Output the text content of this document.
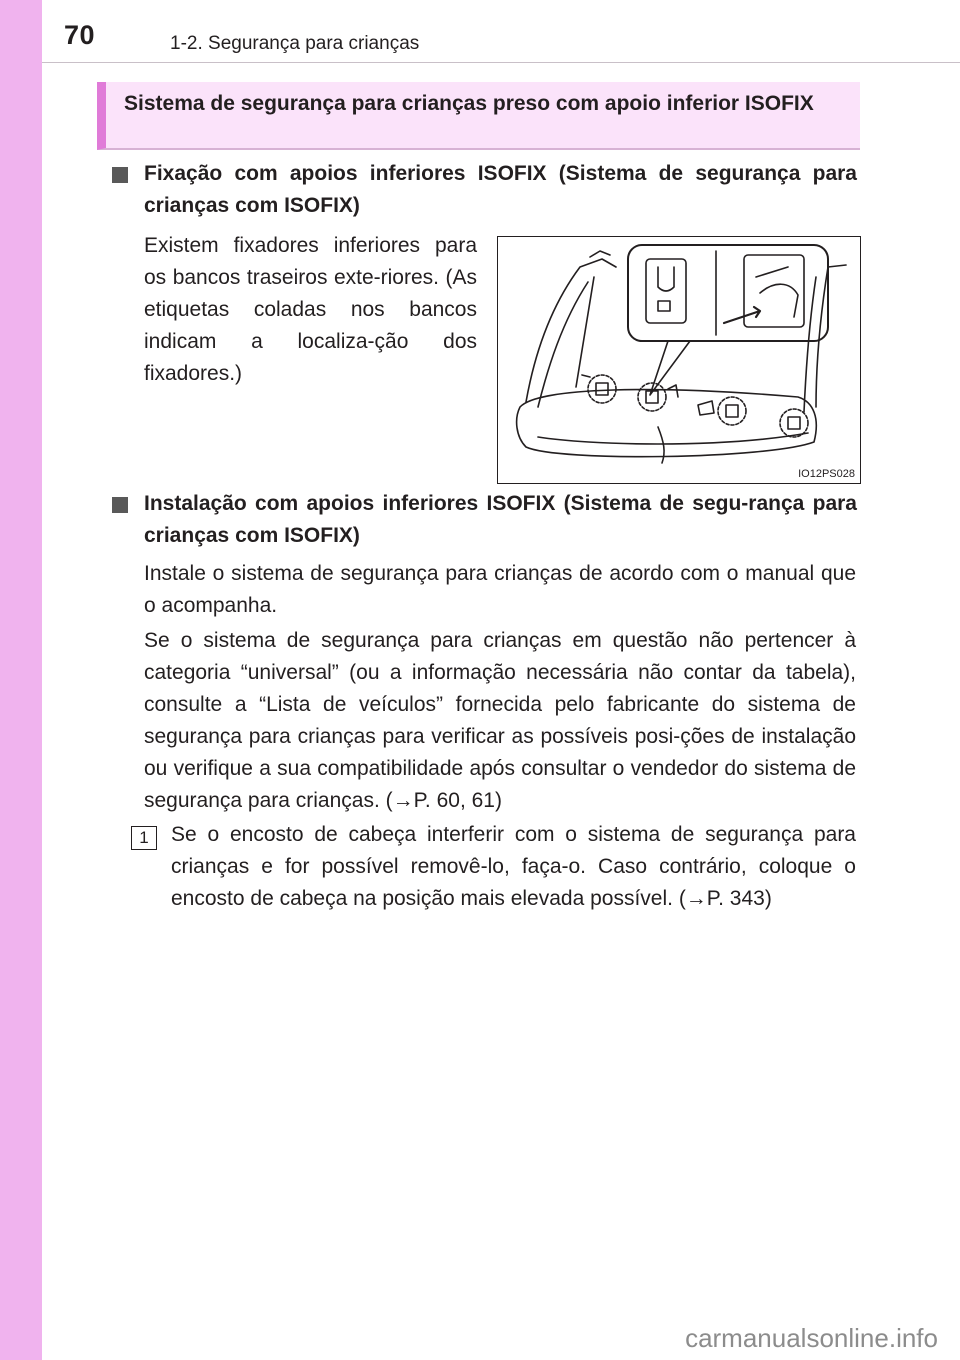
70	1-2. Segurança para crianças
Sistema de segurança para crianças preso com apoio inferior ISOFIX
Fixação com apoios inferiores ISOFIX (Sistema de segurança para crianças com ISOFIX)
Existem fixadores inferiores para os bancos traseiros exte-riores. (As etiquetas coladas nos bancos indicam a localiza-ção dos fixadores.)
IO12PS028
Instalação com apoios inferiores ISOFIX (Sistema de segu-rança para crianças com ISOFIX)
Instale o sistema de segurança para crianças de acordo com o manual que o acompanha.
Se o sistema de segurança para crianças em questão não pertencer à categoria “universal” (ou a informação necessária não contar da tabela), consulte a “Lista de veículos” fornecida pelo fabricante do sistema de segurança para crianças para verificar as possíveis posi-ções de instalação ou verifique a sua compatibilidade após consultar o vendedor do sistema de segurança para crianças. (→P. 60, 61)
1	Se o encosto de cabeça interferir com o sistema de segurança para crianças e for possível removê-lo, faça-o. Caso contrário, coloque o encosto de cabeça na posição mais elevada possível. (→P. 343)
carmanualsonline.info
